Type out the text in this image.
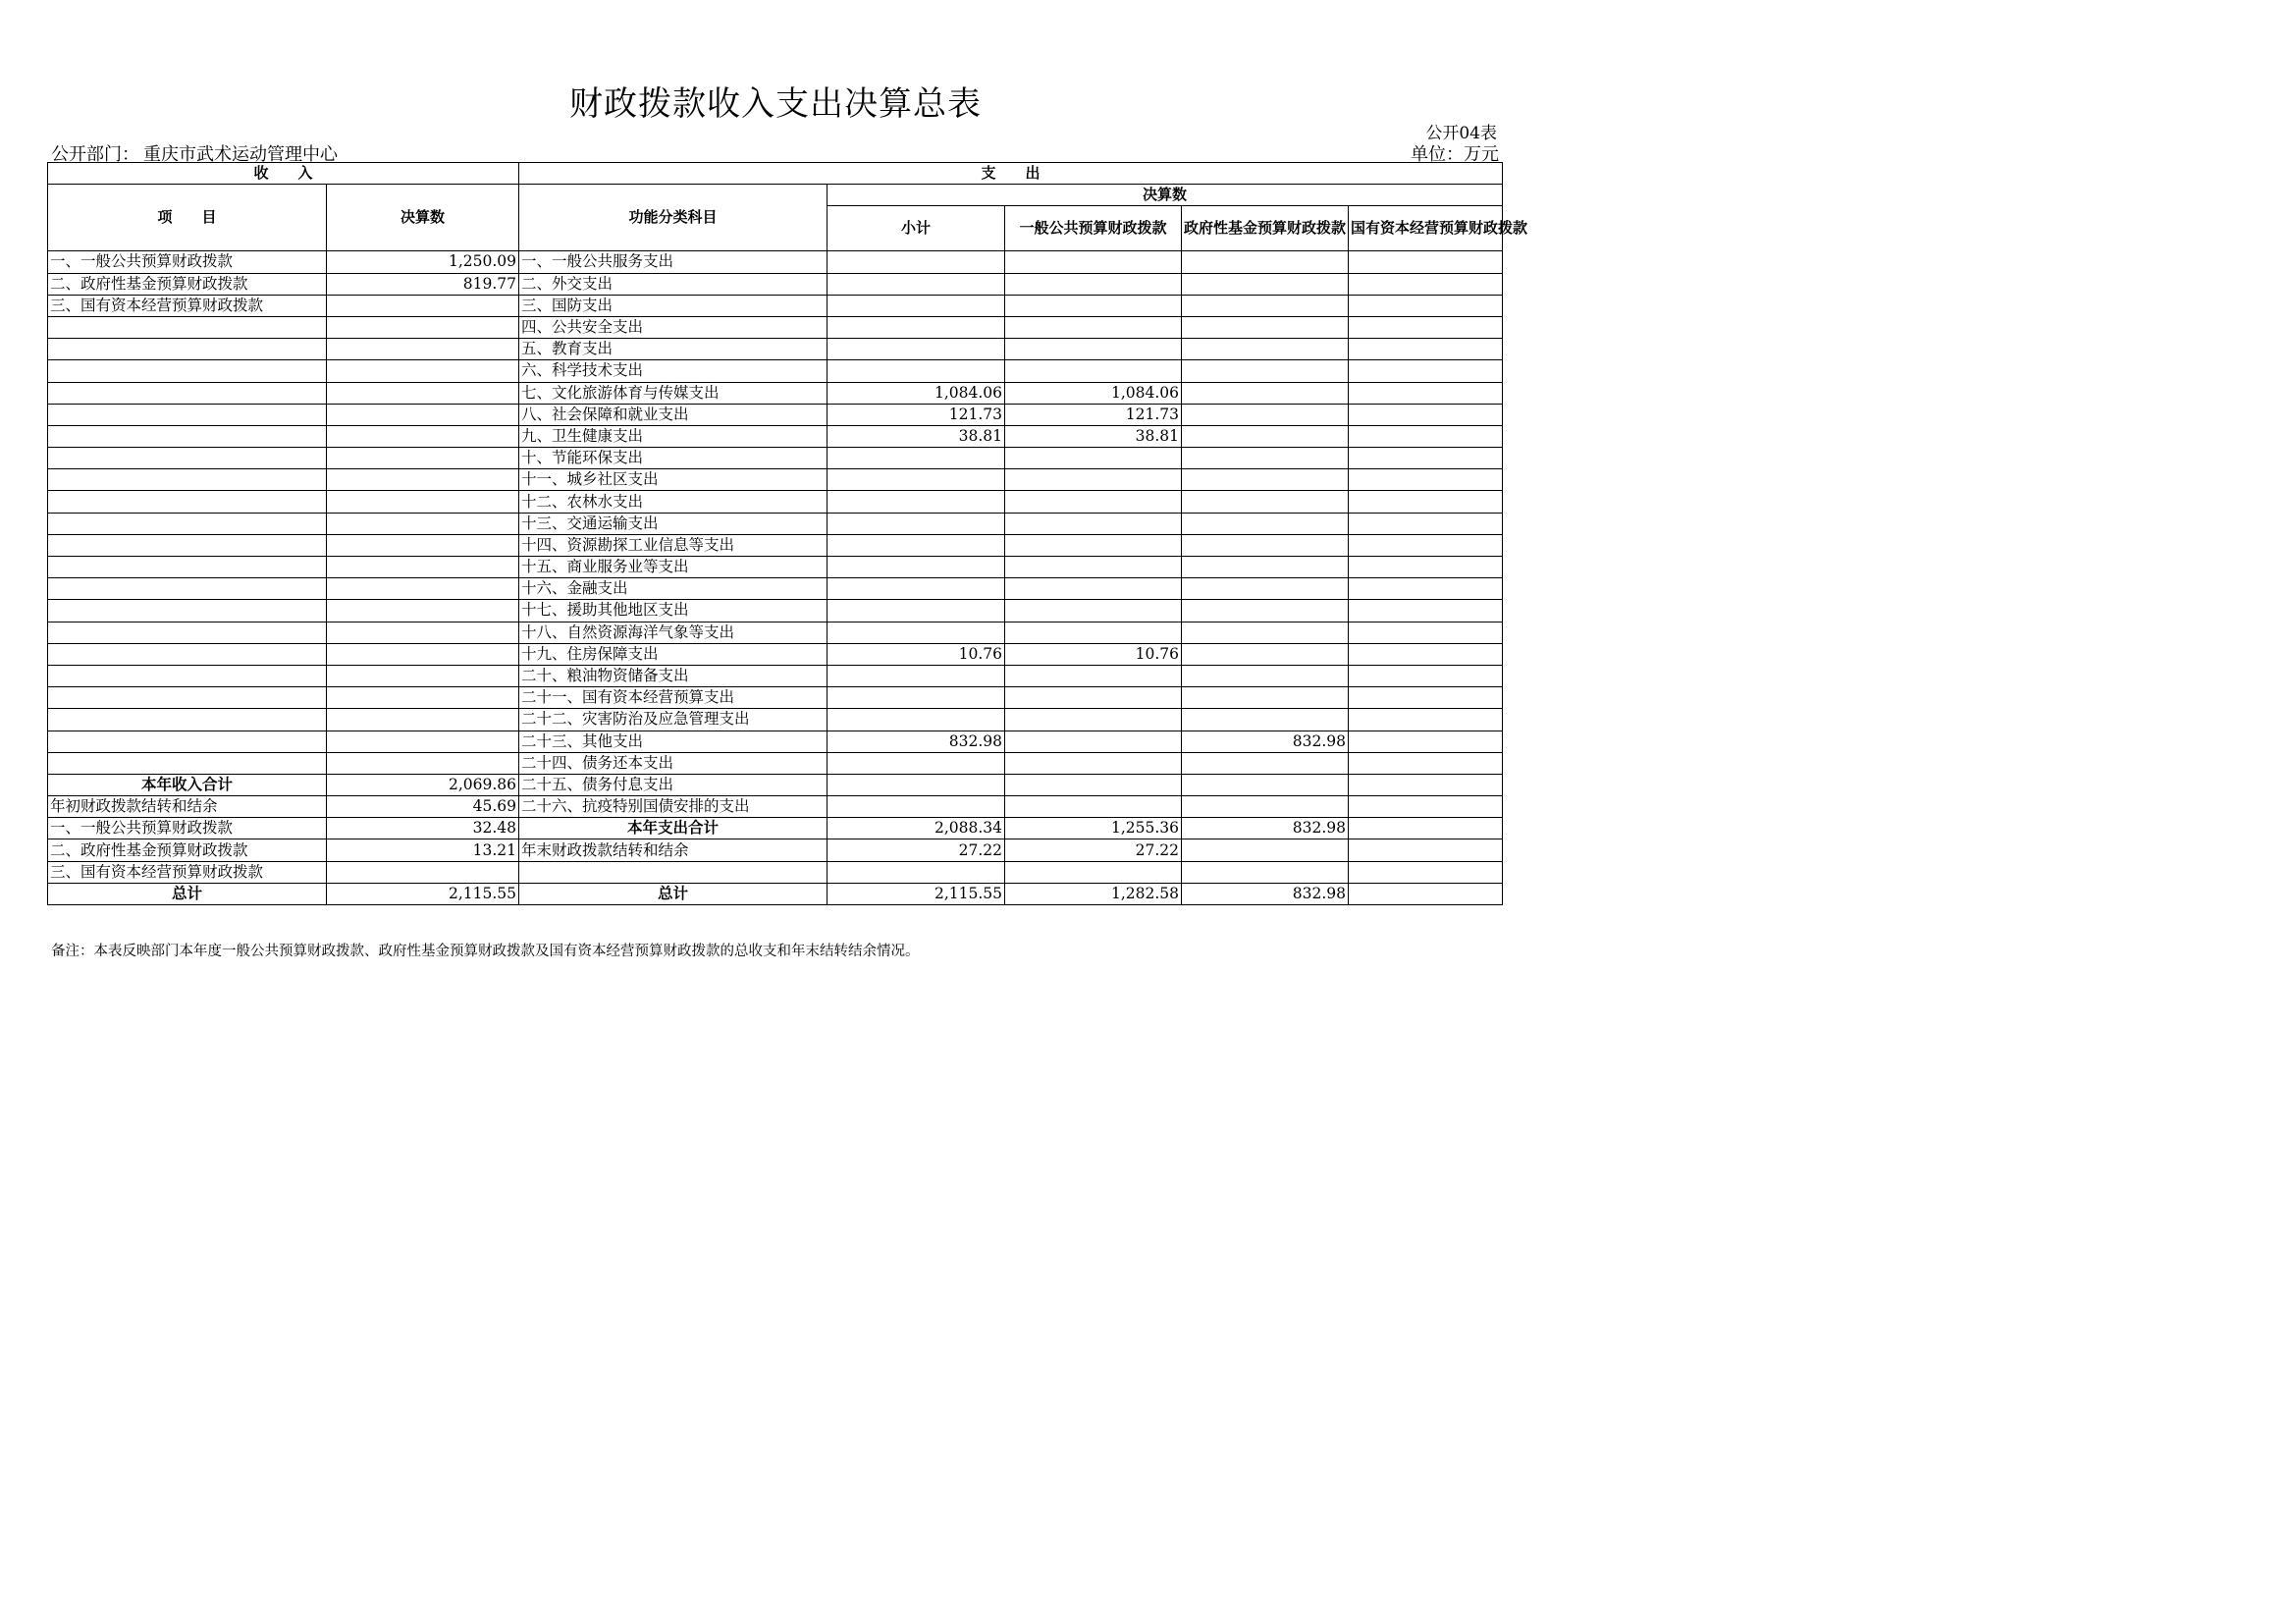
财政拨款收入支出决算总表
公开04表
公开部门： 重庆市武术运动管理中心	单位：万元
收　　入		支　　出				
项　　目	决算数	功能分类科目	决算数			
			小计	一般公共预算财政拨款	政府性基金预算财政拨款	国有资本经营预算财政拨款
一、一般公共预算财政拨款	1,250.09	一、一般公共服务支出				
二、政府性基金预算财政拨款	819.77	二、外交支出				
三、国有资本经营预算财政拨款		三、国防支出				
		四、公共安全支出				
		五、教育支出				
		六、科学技术支出				
		七、文化旅游体育与传媒支出	1,084.06	1,084.06		
		八、社会保障和就业支出	121.73	121.73		
		九、卫生健康支出	38.81	38.81		
		十、节能环保支出				
		十一、城乡社区支出				
		十二、农林水支出				
		十三、交通运输支出				
		十四、资源勘探工业信息等支出				
		十五、商业服务业等支出				
		十六、金融支出				
		十七、援助其他地区支出				
		十八、自然资源海洋气象等支出				
		十九、住房保障支出	10.76	10.76		
		二十、粮油物资储备支出				
		二十一、国有资本经营预算支出				
		二十二、灾害防治及应急管理支出				
		二十三、其他支出	832.98		832.98	
		二十四、债务还本支出				
本年收入合计	2,069.86	二十五、债务付息支出				
年初财政拨款结转和结余	45.69	二十六、抗疫特别国债安排的支出				
一、一般公共预算财政拨款	32.48	本年支出合计	2,088.34	1,255.36	832.98	
二、政府性基金预算财政拨款	13.21	年末财政拨款结转和结余	27.22	27.22		
三、国有资本经营预算财政拨款						
总计	2,115.55	总计	2,115.55	1,282.58	832.98	
备注：本表反映部门本年度一般公共预算财政拨款、政府性基金预算财政拨款及国有资本经营预算财政拨款的总收支和年末结转结余情况。
